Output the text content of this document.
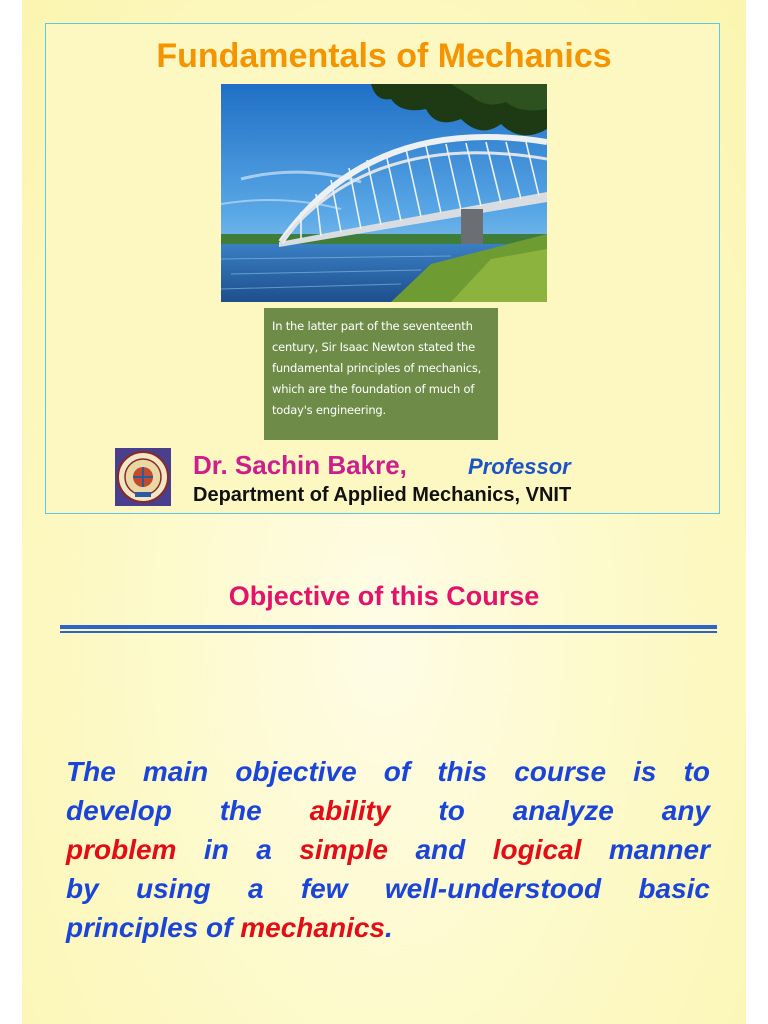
Fundamentals of Mechanics
In the latter part of the seventeenth
century, Sir Isaac Newton stated the
fundamental principles of mechanics,
which are the foundation of much of
today's engineering.
Dr. Sachin Bakre,	Professor
Department of Applied Mechanics, VNIT
Objective of this Course
The main objective of this course is to
develop the ability to analyze any
problem in a simple and logical manner
by using a few well-understood basic
principles of mechanics.
